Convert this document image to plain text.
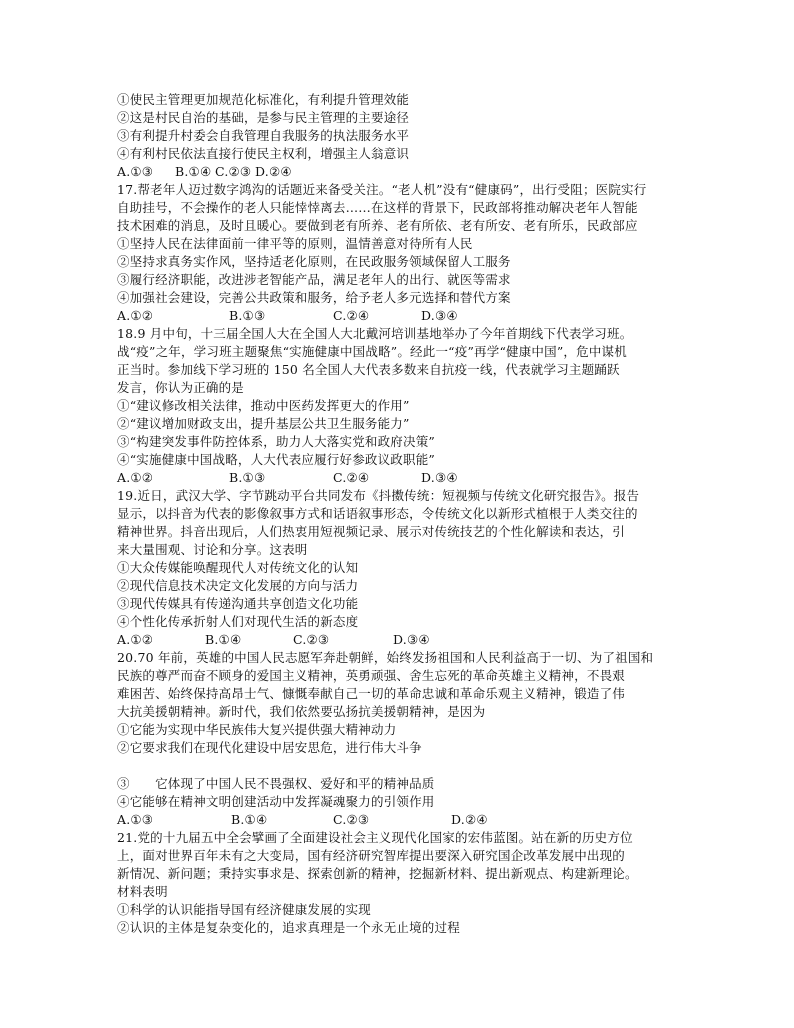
①使民主管理更加规范化标准化，有利提升管理效能
②这是村民自治的基础，是参与民主管理的主要途径
③有利提升村委会自我管理自我服务的执法服务水平
④有利村民依法直接行使民主权利，增强主人翁意识
A.①③	B.①④ C.②③ D.②④
17.帮老年人迈过数字鸿沟的话题近来备受关注。“老人机”没有“健康码”，出行受阻；医院实行
自助挂号，不会操作的老人只能悻悻离去……在这样的背景下，民政部将推动解决老年人智能
技术困难的消息，及时且暖心。要做到老有所养、老有所依、老有所安、老有所乐，民政部应
①坚持人民在法律面前一律平等的原则，温情善意对待所有人民
②坚持求真务实作风，坚持适老化原则，在民政服务领域保留人工服务
③履行经济职能，改进涉老智能产品，满足老年人的出行、就医等需求
④加强社会建设，完善公共政策和服务，给予老人多元选择和替代方案
A.①②	B.①③	C.②④	D.③④
18.9 月中旬，十三届全国人大在全国人大北戴河培训基地举办了今年首期线下代表学习班。
战“疫”之年，学习班主题聚焦“实施健康中国战略”。经此一“疫”再学“健康中国”，危中谋机
正当时。参加线下学习班的 150 名全国人大代表多数来自抗疫一线，代表就学习主题踊跃
发言，你认为正确的是
①“建议修改相关法律，推动中医药发挥更大的作用”
②“建议增加财政支出，提升基层公共卫生服务能力”
③“构建突发事件防控体系，助力人大落实党和政府决策”
④“实施健康中国战略，人大代表应履行好参政议政职能”
A.①②	B.①③	C.②④	D.③④
19.近日，武汉大学、字节跳动平台共同发布《抖擞传统：短视频与传统文化研究报告》。报告
显示，以抖音为代表的影像叙事方式和话语叙事形态，令传统文化以新形式植根于人类交往的
精神世界。抖音出现后，人们热衷用短视频记录、展示对传统技艺的个性化解读和表达，引
来大量围观、讨论和分享。这表明
①大众传媒能唤醒现代人对传统文化的认知
②现代信息技术决定文化发展的方向与活力
③现代传媒具有传递沟通共享创造文化功能
④个性化传承折射人们对现代生活的新态度
A.①②	B.①④	C.②③	D.③④
20.70 年前，英雄的中国人民志愿军奔赴朝鲜，始终发扬祖国和人民利益高于一切、为了祖国和
民族的尊严而奋不顾身的爱国主义精神，英勇顽强、舍生忘死的革命英雄主义精神，不畏艰
难困苦、始终保持高昂士气、慷慨奉献自己一切的革命忠诚和革命乐观主义精神，锻造了伟
大抗美援朝精神。新时代，我们依然要弘扬抗美援朝精神，是因为
①它能为实现中华民族伟大复兴提供强大精神动力
②它要求我们在现代化建设中居安思危，进行伟大斗争
③　　它体现了中国人民不畏强权、爱好和平的精神品质
④它能够在精神文明创建活动中发挥凝魂聚力的引领作用
A.①③	B.①④	C.②③	D.②④
21.党的十九届五中全会擘画了全面建设社会主义现代化国家的宏伟蓝图。站在新的历史方位
上，面对世界百年未有之大变局，国有经济研究智库提出要深入研究国企改革发展中出现的
新情况、新问题；秉持实事求是、探索创新的精神，挖掘新材料、提出新观点、构建新理论。
材料表明
①科学的认识能指导国有经济健康发展的实现
②认识的主体是复杂变化的，追求真理是一个永无止境的过程
